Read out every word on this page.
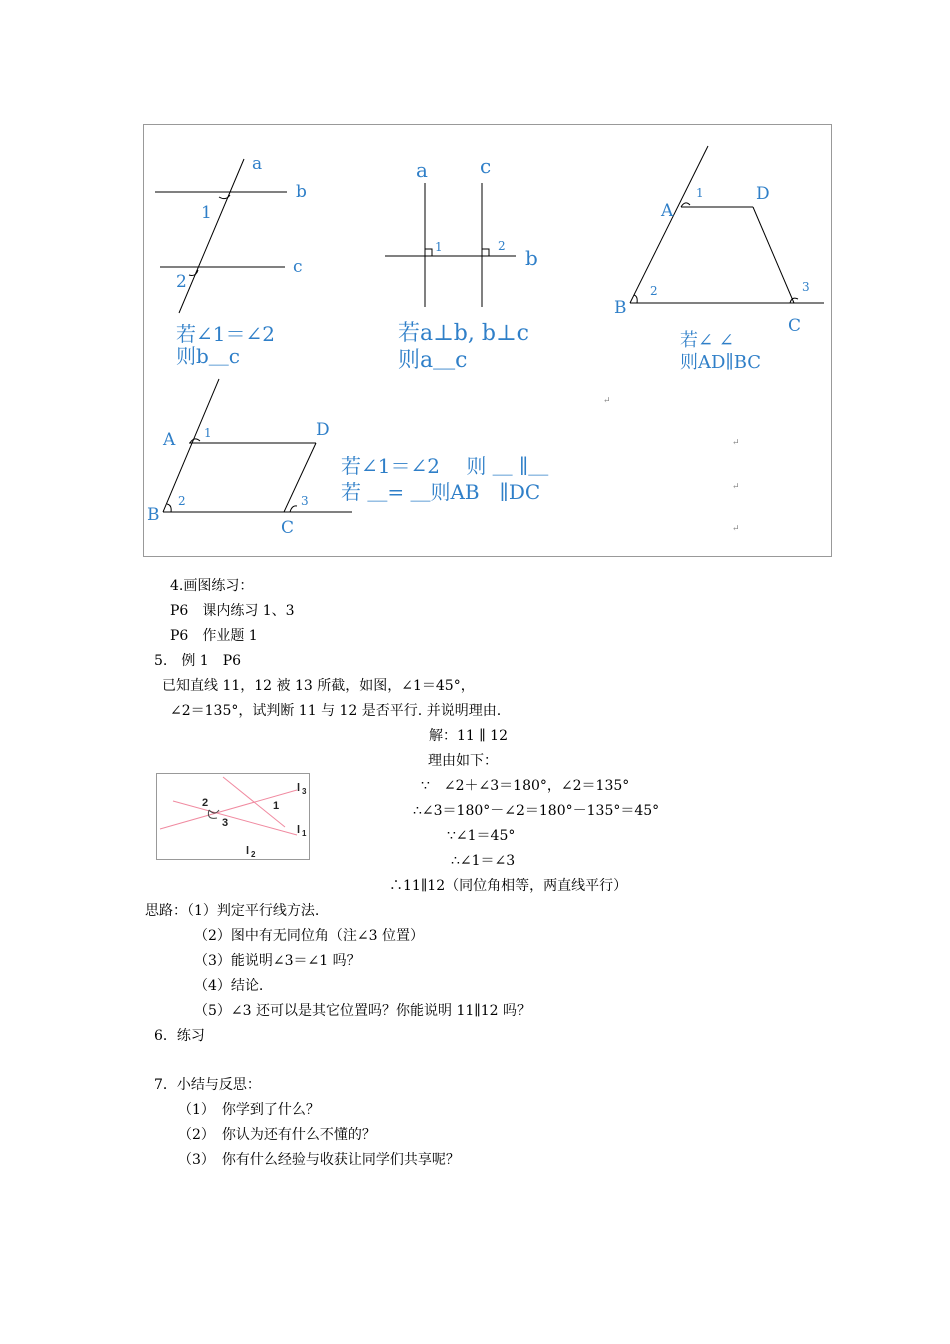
a
b
c
1
2
若∠1＝∠2
则b＿c
a	c
b
1	2
若a⊥b, b⊥c
则a＿c
A
1	D
B
2
C
3
若∠ ∠
则AD∥BC
A 1	D
B
2
C
3
若∠1＝∠2　 则 ＿ ∥＿
若 ＿= ＿则AB　∥DC
↵
↵
↵
↵
4.画图练习：
P6　课内练习 1、3
P6　作业题 1
5.　例 1　P6
已知直线 11，12 被 13 所截，如图，∠1＝45°，
∠2＝135°，试判断 11 与 12 是否平行. 并说明理由.
解：11 ∥ 12
理由如下：
2
3
1
l 3
l 1
l 2
∵　∠2＋∠3＝180°，∠2＝135°
∴∠3＝180°－∠2＝180°－135°＝45°
∵∠1＝45°
∴∠1＝∠3
∴11∥12（同位角相等，两直线平行）
思路：（1）判定平行线方法.
（2）图中有无同位角（注∠3 位置）
（3）能说明∠3＝∠1 吗？
（4）结论.
（5）∠3 还可以是其它位置吗？你能说明 11∥12 吗？
6．练习
7．小结与反思：
（1）　你学到了什么？
（2）　你认为还有什么不懂的？
（3）　你有什么经验与收获让同学们共享呢？
